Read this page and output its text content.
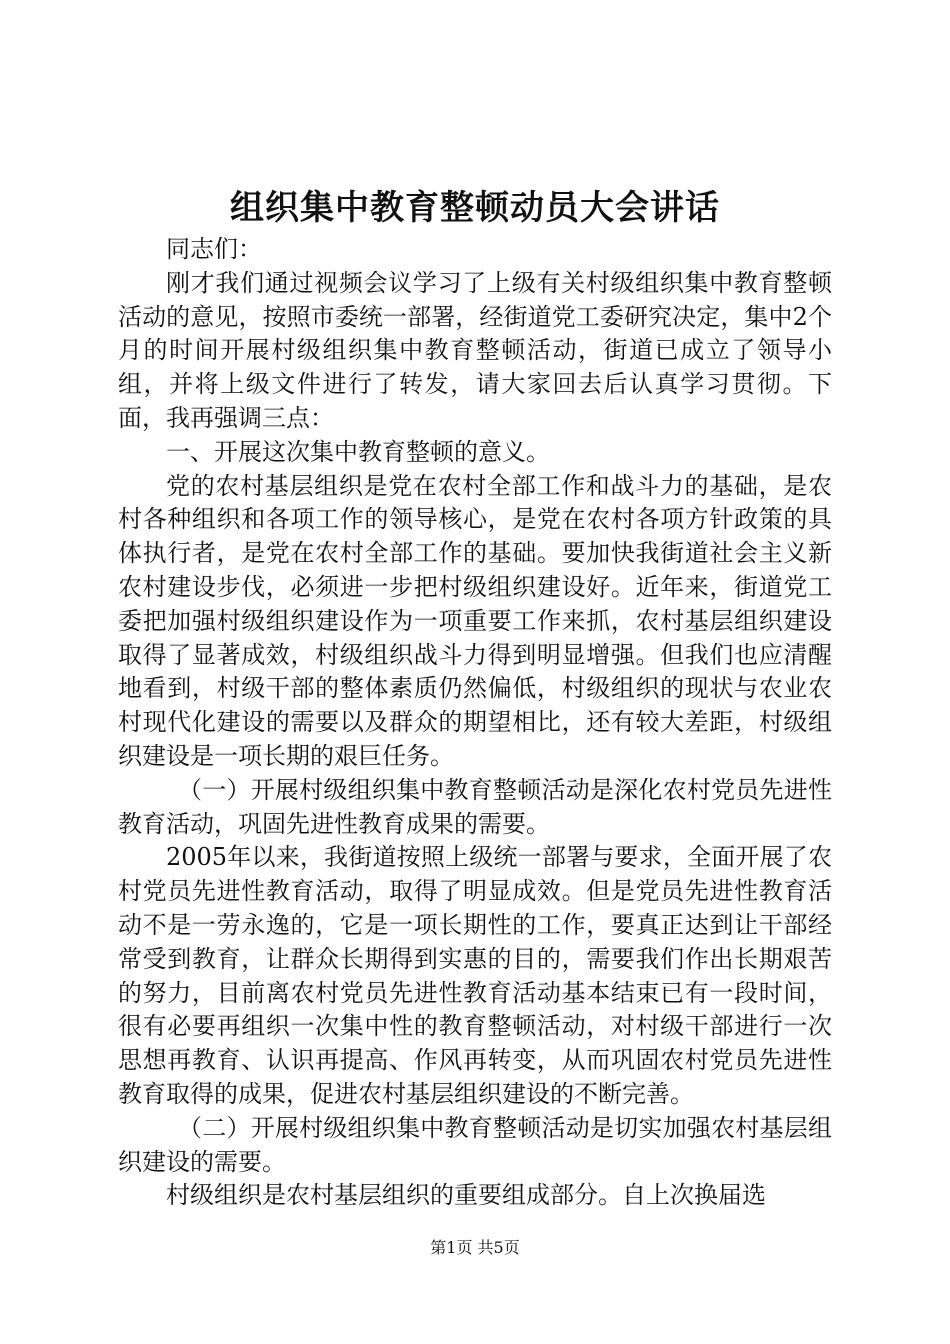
组织集中教育整顿动员大会讲话

同志们：

刚才我们通过视频会议学习了上级有关村级组织集中教育整顿活动的意见，按照市委统一部署，经街道党工委研究决定，集中2个月的时间开展村级组织集中教育整顿活动，街道已成立了领导小组，并将上级文件进行了转发，请大家回去后认真学习贯彻。下面，我再强调三点：

一、开展这次集中教育整顿的意义。

党的农村基层组织是党在农村全部工作和战斗力的基础，是农村各种组织和各项工作的领导核心，是党在农村各项方针政策的具体执行者，是党在农村全部工作的基础。要加快我街道社会主义新农村建设步伐，必须进一步把村级组织建设好。近年来，街道党工委把加强村级组织建设作为一项重要工作来抓，农村基层组织建设取得了显著成效，村级组织战斗力得到明显增强。但我们也应清醒地看到，村级干部的整体素质仍然偏低，村级组织的现状与农业农村现代化建设的需要以及群众的期望相比，还有较大差距，村级组织建设是一项长期的艰巨任务。

（一）开展村级组织集中教育整顿活动是深化农村党员先进性教育活动，巩固先进性教育成果的需要。

2005年以来，我街道按照上级统一部署与要求，全面开展了农村党员先进性教育活动，取得了明显成效。但是党员先进性教育活动不是一劳永逸的，它是一项长期性的工作，要真正达到让干部经常受到教育，让群众长期得到实惠的目的，需要我们作出长期艰苦的努力，目前离农村党员先进性教育活动基本结束已有一段时间，很有必要再组织一次集中性的教育整顿活动，对村级干部进行一次思想再教育、认识再提高、作风再转变，从而巩固农村党员先进性教育取得的成果，促进农村基层组织建设的不断完善。

（二）开展村级组织集中教育整顿活动是切实加强农村基层组织建设的需要。

村级组织是农村基层组织的重要组成部分。自上次换届选

第1页 共5页
